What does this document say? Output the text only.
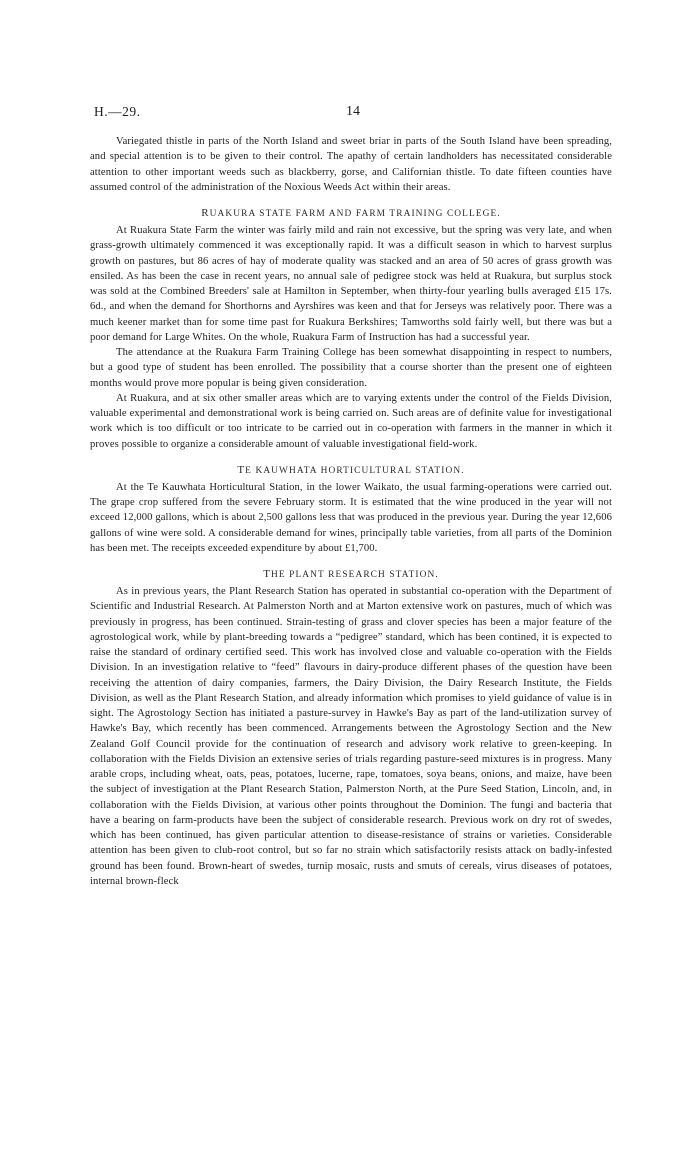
H.—29.	14

Variegated thistle in parts of the North Island and sweet briar in parts of the South Island have been spreading, and special attention is to be given to their control. The apathy of certain landholders has necessitated considerable attention to other important weeds such as blackberry, gorse, and Californian thistle. To date fifteen counties have assumed control of the administration of the Noxious Weeds Act within their areas.

RUAKURA STATE FARM AND FARM TRAINING COLLEGE.

At Ruakura State Farm the winter was fairly mild and rain not excessive, but the spring was very late, and when grass-growth ultimately commenced it was exceptionally rapid. It was a difficult season in which to harvest surplus growth on pastures, but 86 acres of hay of moderate quality was stacked and an area of 50 acres of grass growth was ensiled. As has been the case in recent years, no annual sale of pedigree stock was held at Ruakura, but surplus stock was sold at the Combined Breeders' sale at Hamilton in September, when thirty-four yearling bulls averaged £15 17s. 6d., and when the demand for Shorthorns and Ayrshires was keen and that for Jerseys was relatively poor. There was a much keener market than for some time past for Ruakura Berkshires; Tamworths sold fairly well, but there was but a poor demand for Large Whites. On the whole, Ruakura Farm of Instruction has had a successful year.

The attendance at the Ruakura Farm Training College has been somewhat disappointing in respect to numbers, but a good type of student has been enrolled. The possibility that a course shorter than the present one of eighteen months would prove more popular is being given consideration.

At Ruakura, and at six other smaller areas which are to varying extents under the control of the Fields Division, valuable experimental and demonstrational work is being carried on. Such areas are of definite value for investigational work which is too difficult or too intricate to be carried out in co-operation with farmers in the manner in which it proves possible to organize a considerable amount of valuable investigational field-work.

TE KAUWHATA HORTICULTURAL STATION.

At the Te Kauwhata Horticultural Station, in the lower Waikato, the usual farming-operations were carried out. The grape crop suffered from the severe February storm. It is estimated that the wine produced in the year will not exceed 12,000 gallons, which is about 2,500 gallons less that was produced in the previous year. During the year 12,606 gallons of wine were sold. A considerable demand for wines, principally table varieties, from all parts of the Dominion has been met. The receipts exceeded expenditure by about £1,700.

THE PLANT RESEARCH STATION.

As in previous years, the Plant Research Station has operated in substantial co-operation with the Department of Scientific and Industrial Research. At Palmerston North and at Marton extensive work on pastures, much of which was previously in progress, has been continued. Strain-testing of grass and clover species has been a major feature of the agrostological work, while by plant-breeding towards a “pedigree” standard, which has been contined, it is expected to raise the standard of ordinary certified seed. This work has involved close and valuable co-operation with the Fields Division. In an investigation relative to “feed” flavours in dairy-produce different phases of the question have been receiving the attention of dairy companies, farmers, the Dairy Division, the Dairy Research Institute, the Fields Division, as well as the Plant Research Station, and already information which promises to yield guidance of value is in sight. The Agrostology Section has initiated a pasture-survey in Hawke's Bay as part of the land-utilization survey of Hawke's Bay, which recently has been commenced. Arrangements between the Agrostology Section and the New Zealand Golf Council provide for the continuation of research and advisory work relative to green-keeping. In collaboration with the Fields Division an extensive series of trials regarding pasture-seed mixtures is in progress. Many arable crops, including wheat, oats, peas, potatoes, lucerne, rape, tomatoes, soya beans, onions, and maize, have been the subject of investigation at the Plant Research Station, Palmerston North, at the Pure Seed Station, Lincoln, and, in collaboration with the Fields Division, at various other points throughout the Dominion. The fungi and bacteria that have a bearing on farm-products have been the subject of considerable research. Previous work on dry rot of swedes, which has been continued, has given particular attention to disease-resistance of strains or varieties. Considerable attention has been given to club-root control, but so far no strain which satisfactorily resists attack on badly-infested ground has been found. Brown-heart of swedes, turnip mosaic, rusts and smuts of cereals, virus diseases of potatoes, internal brown-fleck
